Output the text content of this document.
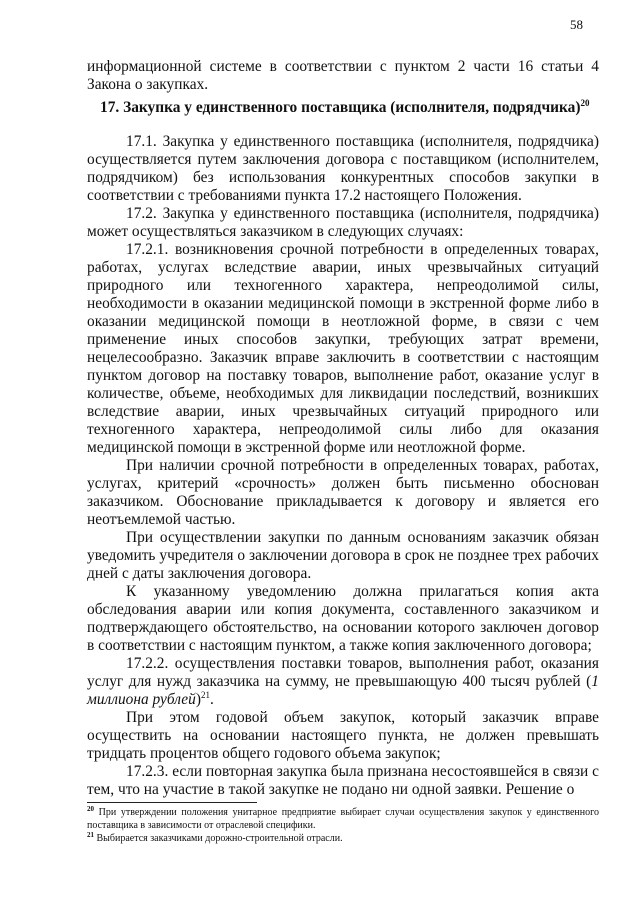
58

информационной системе в соответствии с пунктом 2 части 16 статьи 4 Закона о закупках.

17. Закупка у единственного поставщика (исполнителя, подрядчика)$^{20}$

17.1. Закупка у единственного поставщика (исполнителя, подрядчика) осуществляется путем заключения договора с поставщиком (исполнителем, подрядчиком) без использования конкурентных способов закупки в соответствии с требованиями пункта 17.2 настоящего Положения.

17.2. Закупка у единственного поставщика (исполнителя, подрядчика) может осуществляться заказчиком в следующих случаях:

17.2.1. возникновения срочной потребности в определенных товарах, работах, услугах вследствие аварии, иных чрезвычайных ситуаций природного или техногенного характера, непреодолимой силы, необходимости в оказании медицинской помощи в экстренной форме либо в оказании медицинской помощи в неотложной форме, в связи с чем применение иных способов закупки, требующих затрат времени, нецелесообразно. Заказчик вправе заключить в соответствии с настоящим пунктом договор на поставку товаров, выполнение работ, оказание услуг в количестве, объеме, необходимых для ликвидации последствий, возникших вследствие аварии, иных чрезвычайных ситуаций природного или техногенного характера, непреодолимой силы либо для оказания медицинской помощи в экстренной форме или неотложной форме.

При наличии срочной потребности в определенных товарах, работах, услугах, критерий «срочность» должен быть письменно обоснован заказчиком. Обоснование прикладывается к договору и является его неотъемлемой частью.

При осуществлении закупки по данным основаниям заказчик обязан уведомить учредителя о заключении договора в срок не позднее трех рабочих дней с даты заключения договора.

К указанному уведомлению должна прилагаться копия акта обследования аварии или копия документа, составленного заказчиком и подтверждающего обстоятельство, на основании которого заключен договор в соответствии с настоящим пунктом, а также копия заключенного договора;

17.2.2. осуществления поставки товаров, выполнения работ, оказания услуг для нужд заказчика на сумму, не превышающую 400 тысяч рублей (1 миллиона рублей)$^{21}$.

При этом годовой объем закупок, который заказчик вправе осуществить на основании настоящего пункта, не должен превышать тридцать процентов общего годового объема закупок;

17.2.3. если повторная закупка была признана несостоявшейся в связи с тем, что на участие в такой закупке не подано ни одной заявки. Решение о

$^{20}$ При утверждении положения унитарное предприятие выбирает случаи осуществления закупок у единственного поставщика в зависимости от отраслевой специфики.

$^{21}$ Выбирается заказчиками дорожно-строительной отрасли.
